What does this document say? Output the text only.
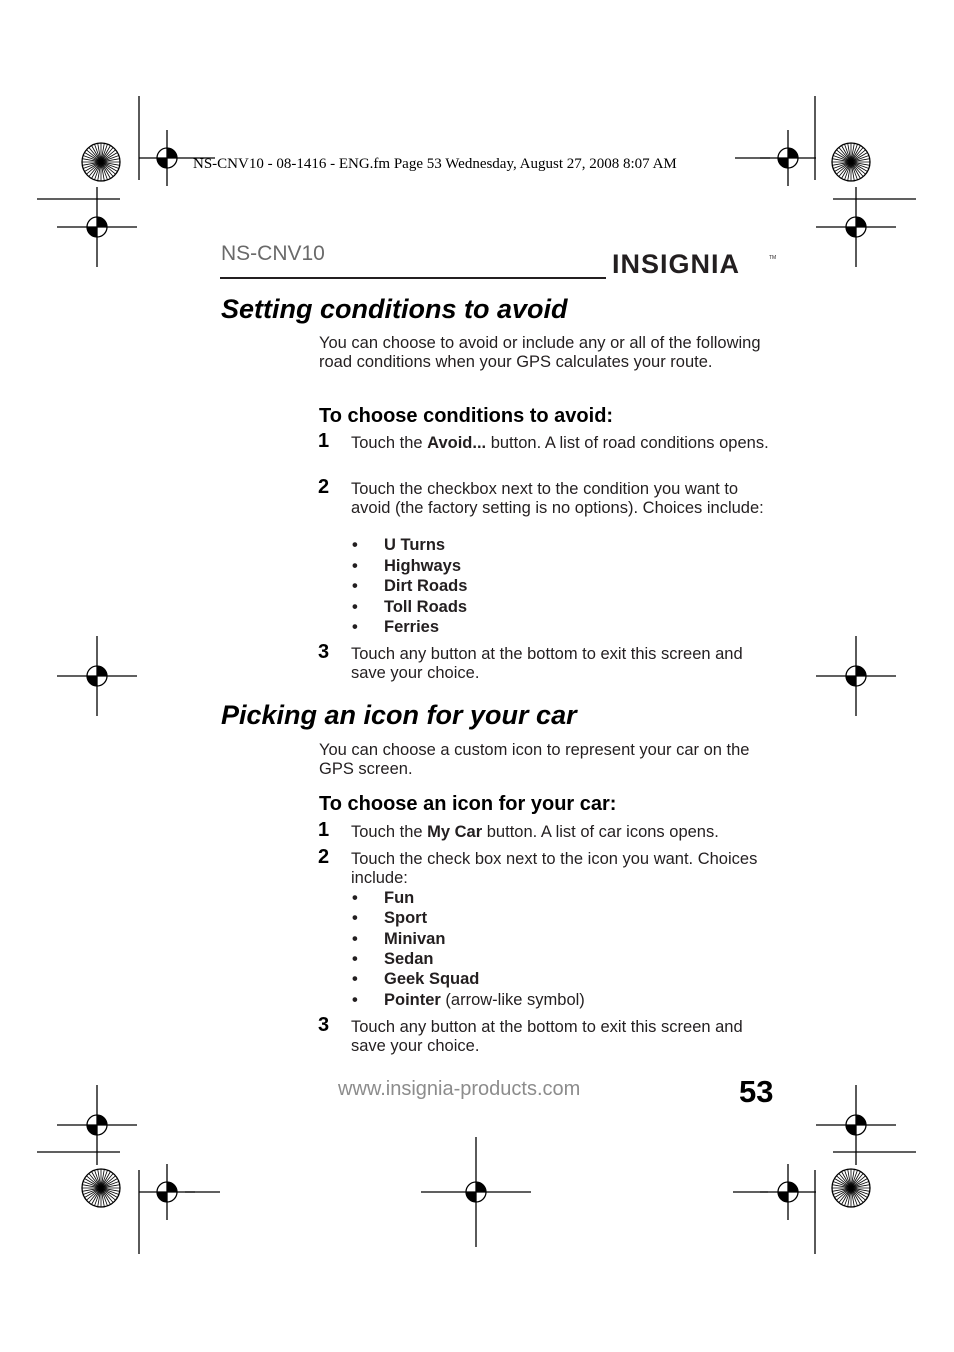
NS-CNV10 - 08-1416 - ENG.fm Page 53 Wednesday, August 27, 2008 8:07 AM
NS-CNV10	INSIGNIA	TM
Setting conditions to avoid
You can choose to avoid or include any or all of the following road conditions when your GPS calculates your route.
To choose conditions to avoid:
1 Touch the Avoid... button. A list of road conditions opens.
2 Touch the checkbox next to the condition you want to avoid (the factory setting is no options). Choices include:
• U Turns
• Highways
• Dirt Roads
• Toll Roads
• Ferries
3 Touch any button at the bottom to exit this screen and save your choice.
Picking an icon for your car
You can choose a custom icon to represent your car on the GPS screen.
To choose an icon for your car:
1 Touch the My Car button. A list of car icons opens.
2 Touch the check box next to the icon you want. Choices include:
• Fun
• Sport
• Minivan
• Sedan
• Geek Squad
• Pointer (arrow-like symbol)
3 Touch any button at the bottom to exit this screen and save your choice.
www.insignia-products.com	53
